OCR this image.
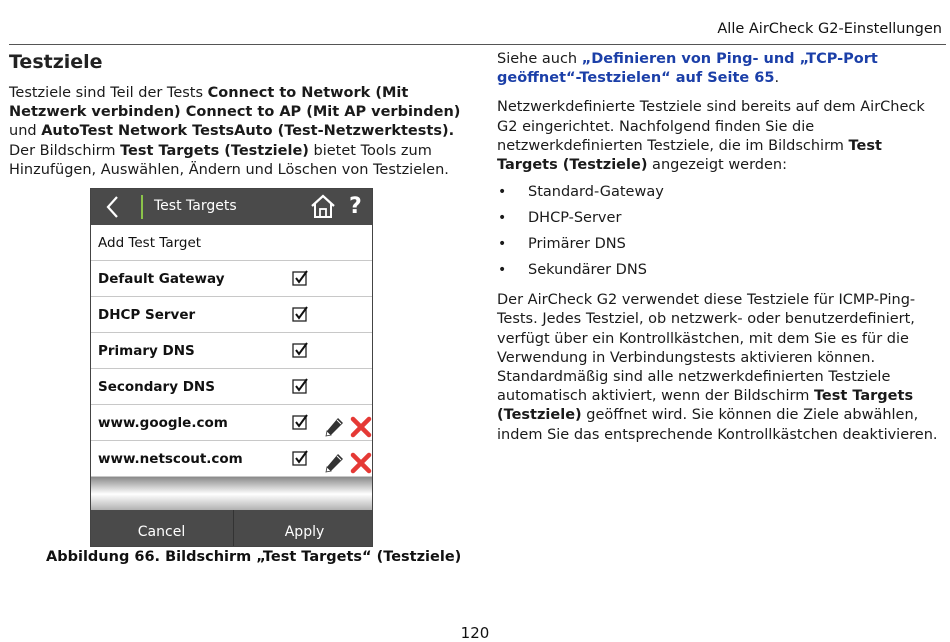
Alle AirCheck G2-Einstellungen
Testziele

Testziele sind Teil der Tests Connect to Network (Mit Netzwerk verbinden) Connect to AP (Mit AP verbinden) und AutoTest Network TestsAuto (Test-Netzwerktests). Der Bildschirm Test Targets (Testziele) bietet Tools zum Hinzufügen, Auswählen, Ändern und Löschen von Testzielen.

Test Targets	?
Add Test Target
Default Gateway
DHCP Server
Primary DNS
Secondary DNS
www.google.com
www.netscout.com
Cancel	Apply
Abbildung 66. Bildschirm „Test Targets“ (Testziele)

Siehe auch „Definieren von Ping- und „TCP-Port geöffnet“-Testzielen“ auf Seite 65.

Netzwerkdefinierte Testziele sind bereits auf dem AirCheck G2 eingerichtet. Nachfolgend finden Sie die netzwerkdefinierten Testziele, die im Bildschirm Test Targets (Testziele) angezeigt werden:

• Standard-Gateway
• DHCP-Server
• Primärer DNS
• Sekundärer DNS

Der AirCheck G2 verwendet diese Testziele für ICMP-Ping-Tests. Jedes Testziel, ob netzwerk- oder benutzerdefiniert, verfügt über ein Kontrollkästchen, mit dem Sie es für die Verwendung in Verbindungstests aktivieren können. Standardmäßig sind alle netzwerkdefinierten Testziele automatisch aktiviert, wenn der Bildschirm Test Targets (Testziele) geöffnet wird. Sie können die Ziele abwählen, indem Sie das entsprechende Kontrollkästchen deaktivieren.

120
